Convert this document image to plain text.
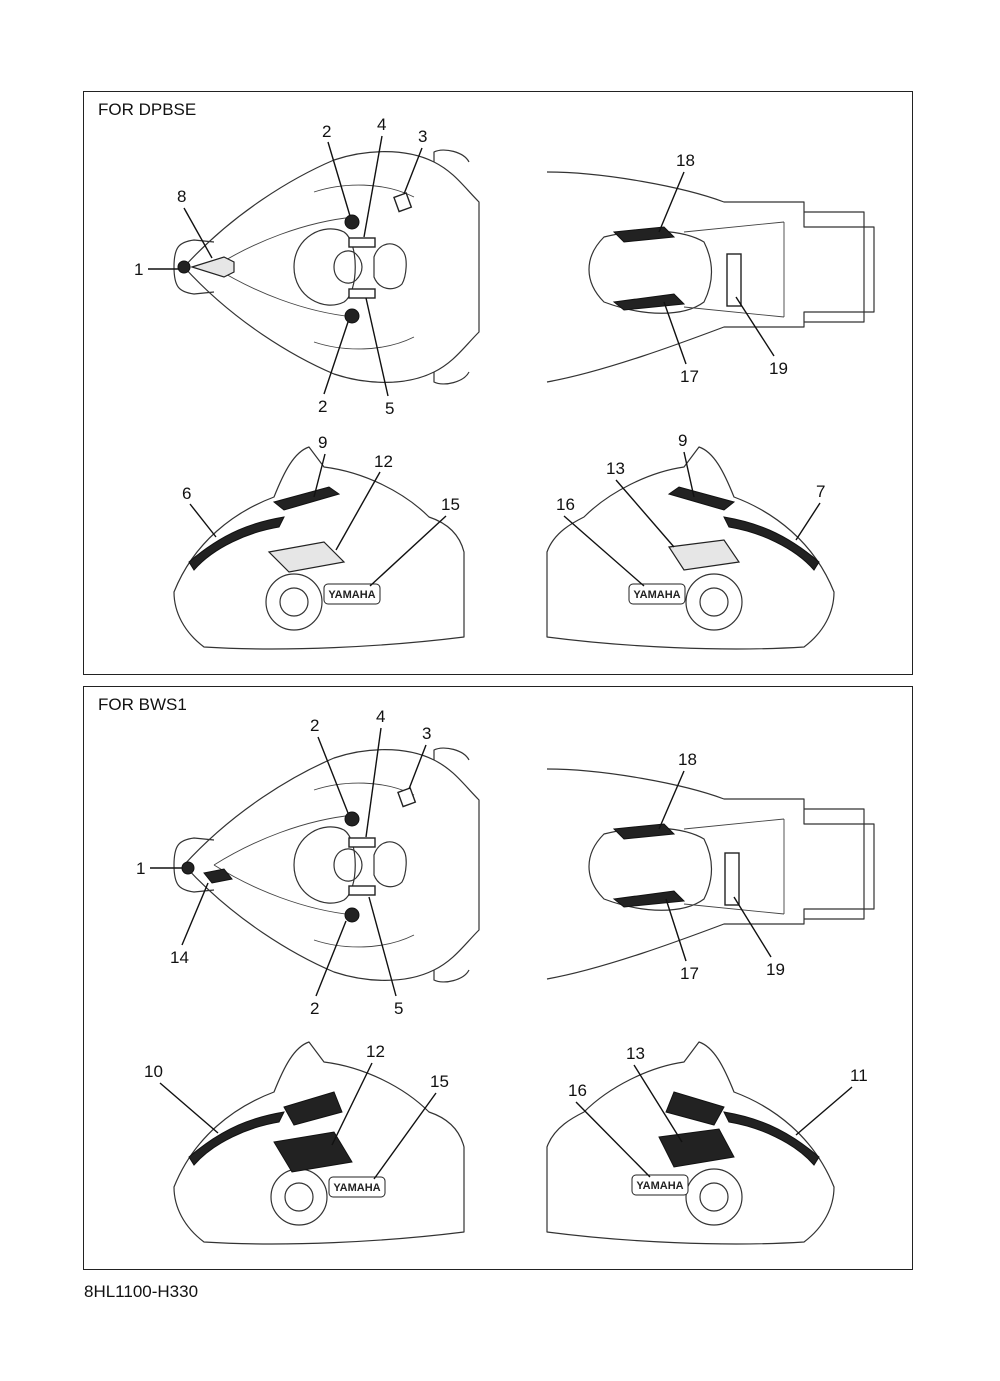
FOR DPBSE
YAMAHA	YAMAHA
1
2	4
3
8
2	5
18
17	19
9
12
6
15
9
13
16
7
FOR BWS1
YAMAHA	YAMAHA
1
2	4
3
14
2	5
18
17	19
12
10
15
13
16
11
8HL1100-H330
